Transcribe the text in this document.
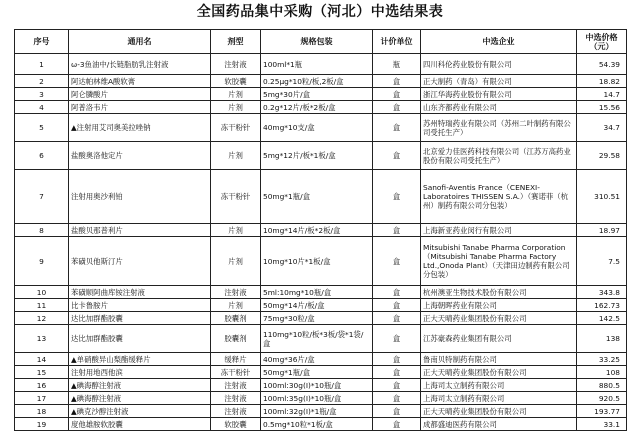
全国药品集中采购（河北）中选结果表
序号	通用名	剂型	规格包装	计价单位	中选企业	中选价格（元）
1	ω-3鱼油中/长链脂肪乳注射液	注射液	100ml*1瓶	瓶	四川科伦药业股份有限公司	54.39
2	阿达帕林维A酸软膏	软胶囊	0.25μg*10粒/板,2板/盒	盒	正大制药（青岛）有限公司	18.82
3	阿仑膦酸片	片剂	5mg*30片/盒	盒	浙江华海药业股份有限公司	14.7
4	阿普洛韦片	片剂	0.2g*12片/板*2板/盒	盒	山东齐都药业有限公司	15.56
5	▲注射用艾司奥美拉唑钠	冻干粉针	40mg*10支/盒	盒	苏州特瑞药业有限公司（苏州二叶制药有限公司受托生产）	34.7
6	盐酸奥洛他定片	片剂	5mg*12片/板*1板/盒	盒	北京爱力佳医药科技有限公司（江苏万高药业股份有限公司受托生产）	29.58
7	注射用奥沙利铂	冻干粉针	50mg*1瓶/盒	盒	Sanofi-Aventis France（CENEXI-Laboratoires THISSEN S.A.）（赛诺菲（杭州）制药有限公司分包装）	310.51
8	盐酸贝那普利片	片剂	10mg*14片/板*2板/盒	盒	上海新亚药业闵行有限公司	18.97
9	苯磺贝他斯汀片	片剂	10mg*10片*1板/盒	盒	Mitsubishi Tanabe Pharma Corporation（Mitsubishi Tanabe Pharma Factory Ltd.,Onoda Plant）（天津田边制药有限公司分包装）	7.5
10	苯磺顺阿曲库铵注射液	注射液	5ml:10mg*10瓶/盒	盒	杭州澳亚生物技术股份有限公司	343.8
11	比卡鲁胺片	片剂	50mg*14片/板/盒	盒	上海朝晖药业有限公司	162.73
12	达比加群酯胶囊	胶囊剂	75mg*30粒/盒	盒	正大天晴药业集团股份有限公司	142.5
13	达比加群酯胶囊	胶囊剂	110mg*10粒/板*3板/袋*1袋/盒	盒	江苏豪森药业集团有限公司	138
14	▲单硝酸异山梨酯缓释片	缓释片	40mg*36片/盒	盒	鲁南贝特制药有限公司	33.25
15	注射用地西他滨	冻干粉针	50mg*1瓶/盒	盒	正大天晴药业集团股份有限公司	108
16	▲碘海醇注射液	注射液	100ml:30g(I)*10瓶/盒	盒	上海司太立制药有限公司	880.5
17	▲碘海醇注射液	注射液	100ml:35g(I)*10瓶/盒	盒	上海司太立制药有限公司	920.5
18	▲碘克沙醇注射液	注射液	100ml:32g(I)*1瓶/盒	盒	正大天晴药业集团股份有限公司	193.77
19	度他雄胺软胶囊	软胶囊	0.5mg*10粒*1板/盒	盒	成都盛迪医药有限公司	33.1
